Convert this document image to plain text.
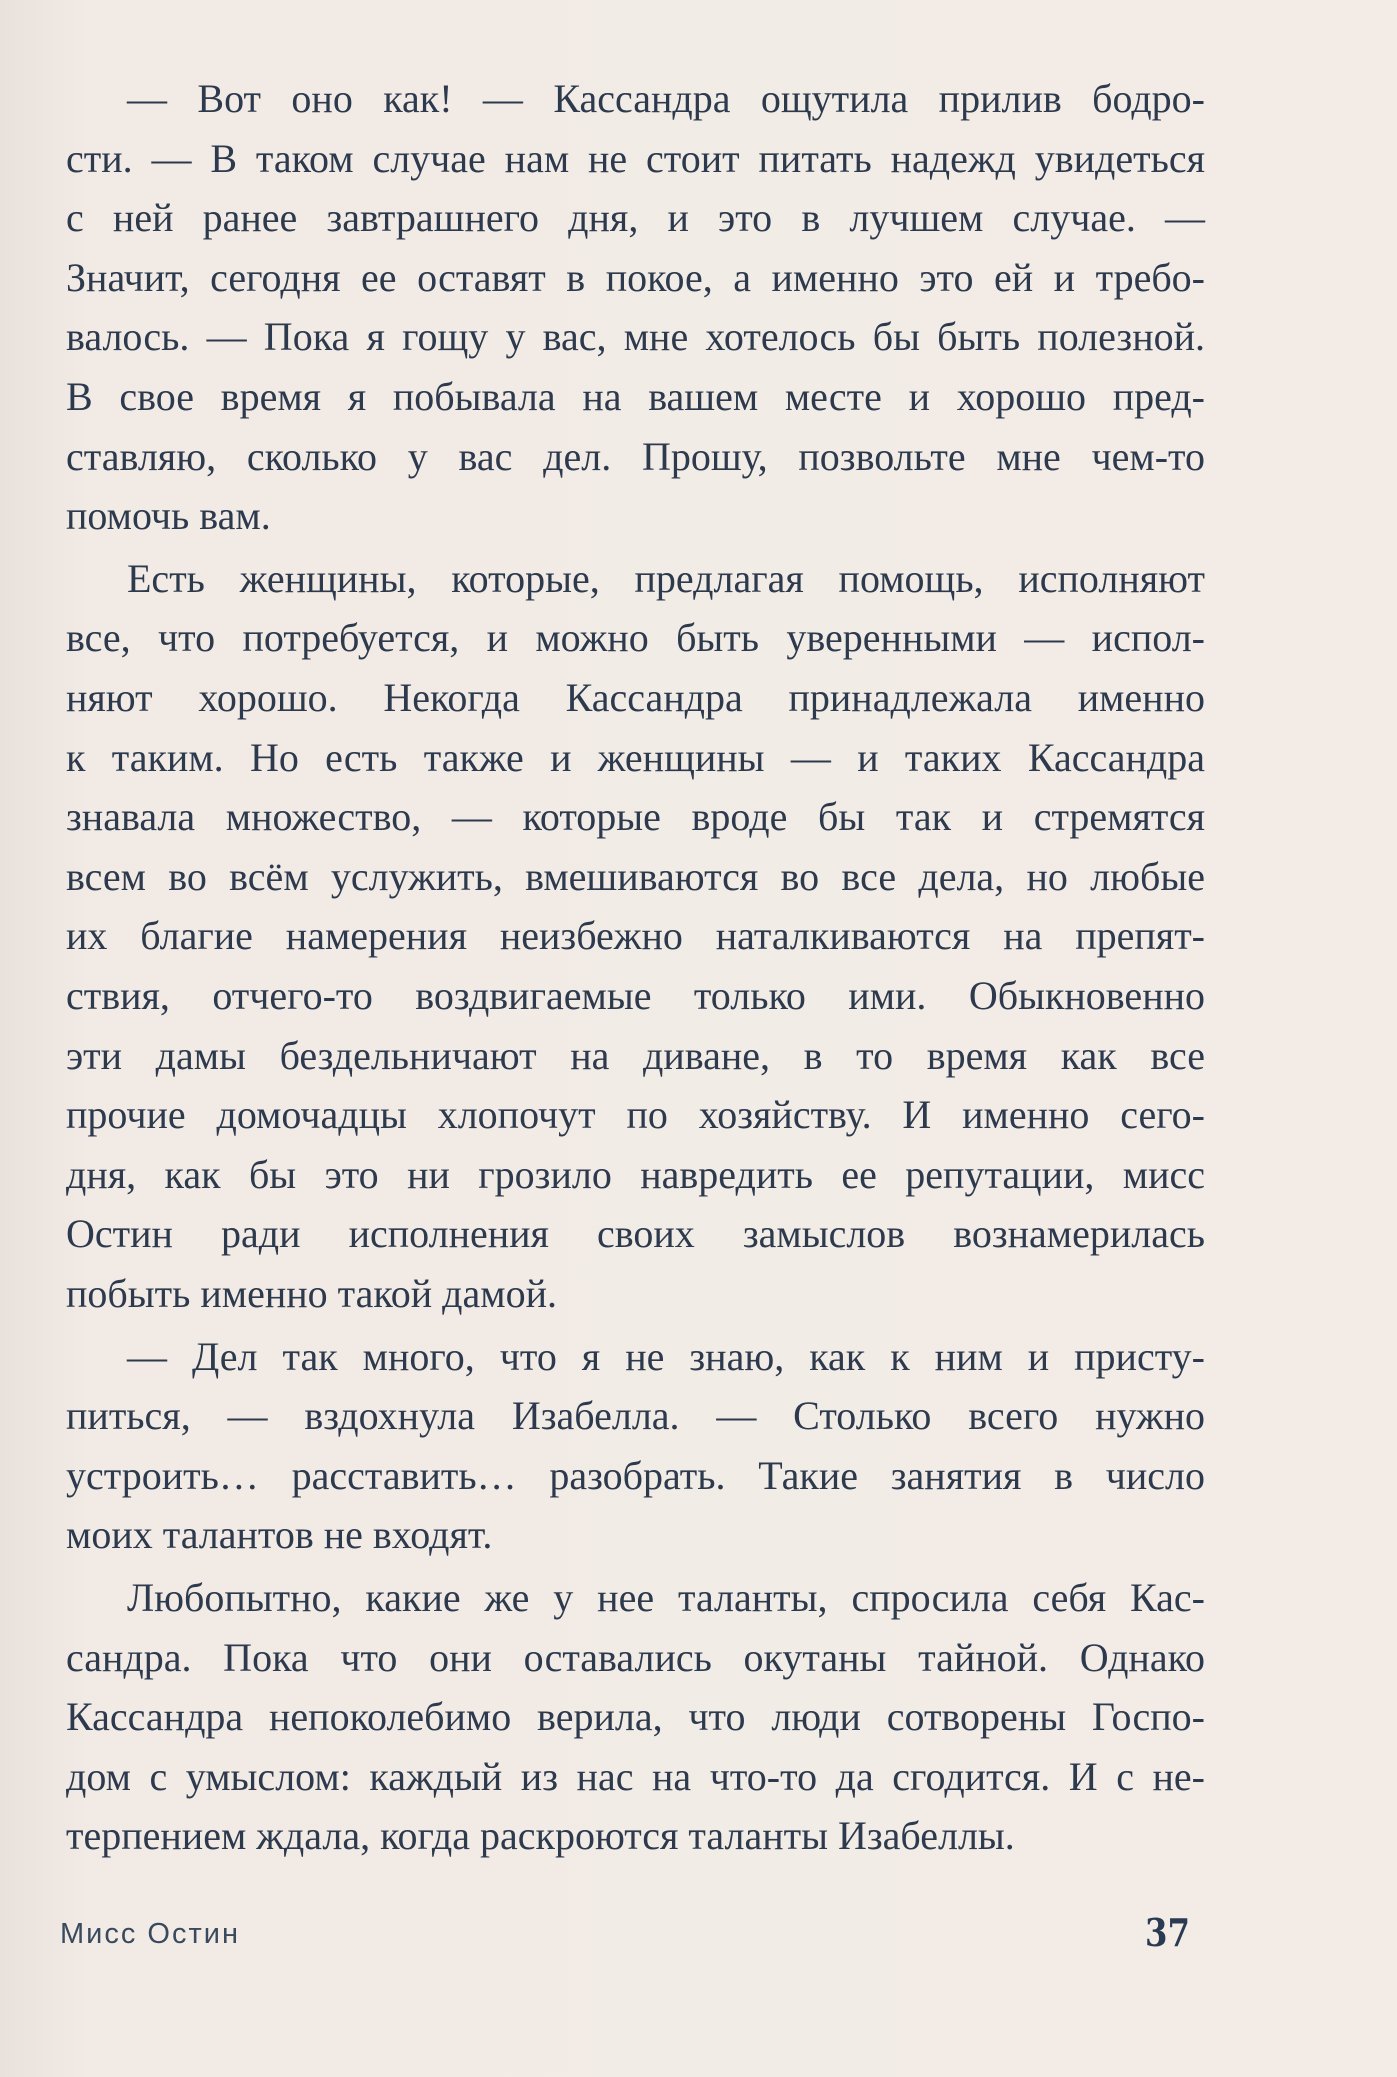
— Вот оно как! — Кассандра ощутила прилив бодро-
сти. — В таком случае нам не стоит питать надежд увидеться
с ней ранее завтрашнего дня, и это в лучшем случае. —
Значит, сегодня ее оставят в покое, а именно это ей и требо-
валось. — Пока я гощу у вас, мне хотелось бы быть полезной.
В свое время я побывала на вашем месте и хорошо пред-
ставляю, сколько у вас дел. Прошу, позвольте мне чем-то
помочь вам.
Есть женщины, которые, предлагая помощь, исполняют
все, что потребуется, и можно быть уверенными — испол-
няют хорошо. Некогда Кассандра принадлежала именно
к таким. Но есть также и женщины — и таких Кассандра
знавала множество, — которые вроде бы так и стремятся
всем во всём услужить, вмешиваются во все дела, но любые
их благие намерения неизбежно наталкиваются на препят-
ствия, отчего-то воздвигаемые только ими. Обыкновенно
эти дамы бездельничают на диване, в то время как все
прочие домочадцы хлопочут по хозяйству. И именно сего-
дня, как бы это ни грозило навредить ее репутации, мисс
Остин ради исполнения своих замыслов вознамерилась
побыть именно такой дамой.
— Дел так много, что я не знаю, как к ним и присту-
питься, — вздохнула Изабелла. — Столько всего нужно
устроить… расставить… разобрать. Такие занятия в число
моих талантов не входят.
Любопытно, какие же у нее таланты, спросила себя Кас-
сандра. Пока что они оставались окутаны тайной. Однако
Кассандра непоколебимо верила, что люди сотворены Госпо-
дом с умыслом: каждый из нас на что-то да сгодится. И с не-
терпением ждала, когда раскроются таланты Изабеллы.
Мисс Остин	37
